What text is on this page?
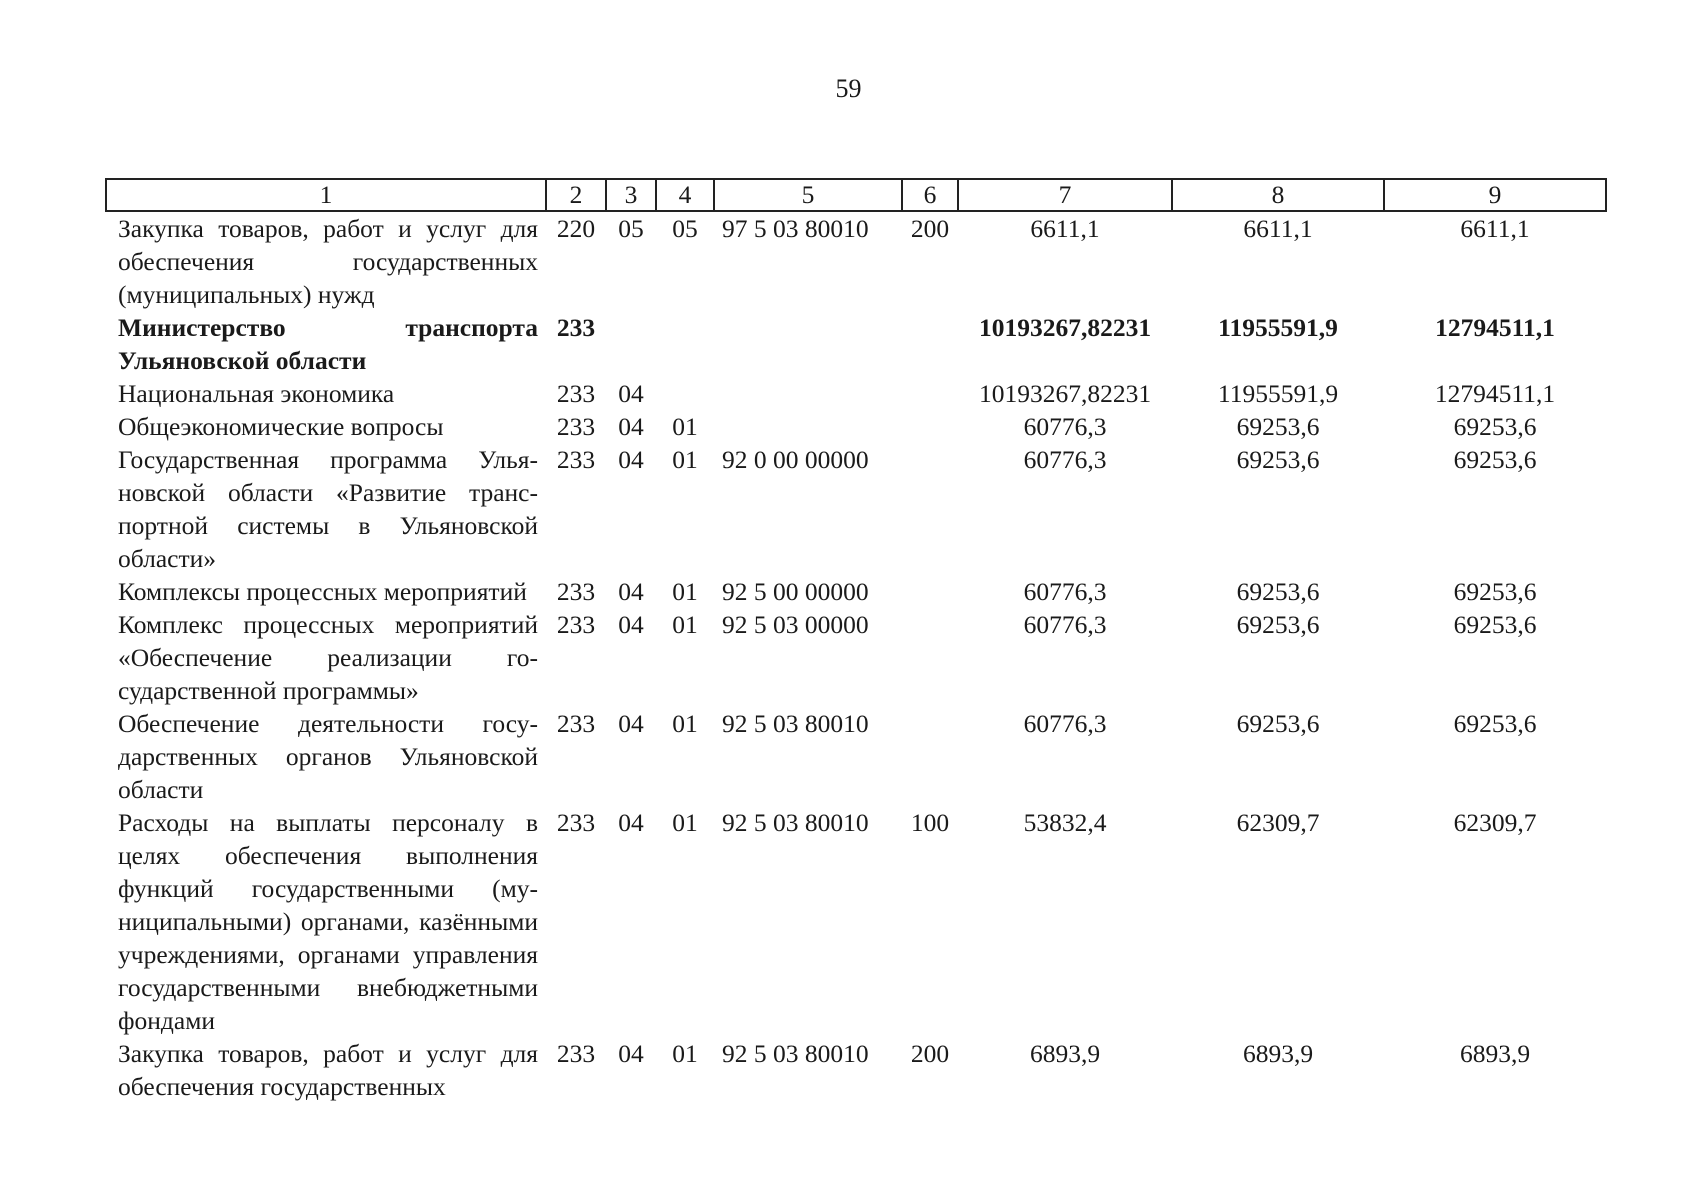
59
1	2	3	4	5	6	7	8	9
Закупка товаров, работ и услуг для обеспечения государственных (муниципальных) нужд	220	05	05	97 5 03 80010	200	6611,1	6611,1	6611,1
Министерство транспорта Ульяновской области	233					10193267,82231	11955591,9	12794511,1
Национальная экономика	233	04				10193267,82231	11955591,9	12794511,1
Общеэкономические вопросы	233	04	01			60776,3	69253,6	69253,6
Государственная программа Ульяновской области «Развитие транспортной системы в Ульяновской области»	233	04	01	92 0 00 00000		60776,3	69253,6	69253,6
Комплексы процессных мероприятий	233	04	01	92 5 00 00000		60776,3	69253,6	69253,6
Комплекс процессных мероприятий «Обеспечение реализации государственной программы»	233	04	01	92 5 03 00000		60776,3	69253,6	69253,6
Обеспечение деятельности государственных органов Ульяновской области	233	04	01	92 5 03 80010		60776,3	69253,6	69253,6
Расходы на выплаты персоналу в целях обеспечения выполнения функций государственными (муниципальными) органами, казёнными учреждениями, органами управления государственными внебюджетными фондами	233	04	01	92 5 03 80010	100	53832,4	62309,7	62309,7
Закупка товаров, работ и услуг для обеспечения государственных	233	04	01	92 5 03 80010	200	6893,9	6893,9	6893,9
